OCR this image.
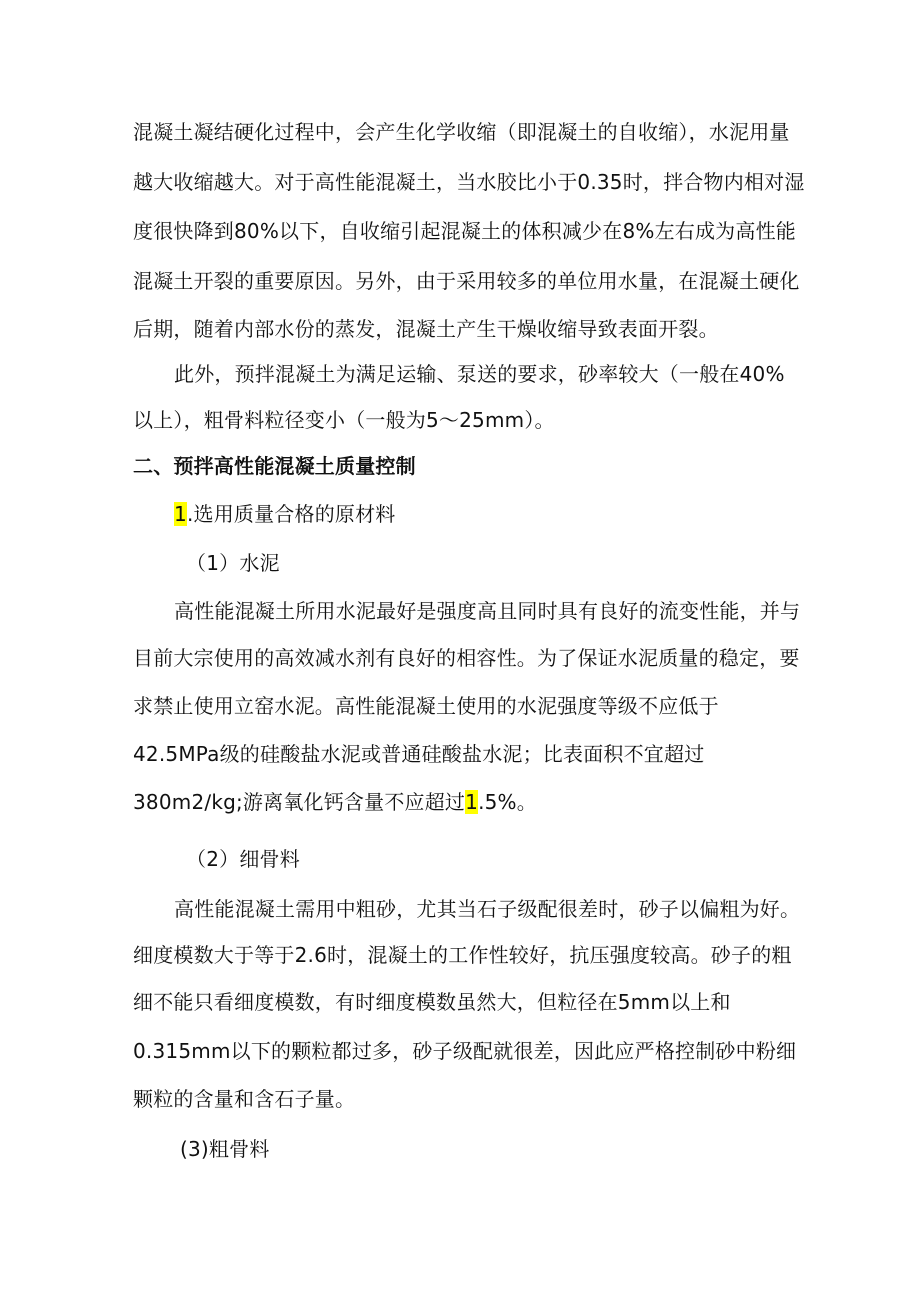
混凝土凝结硬化过程中，会产生化学收缩（即混凝土的自收缩），水泥用量
越大收缩越大。对于高性能混凝土，当水胶比小于0.35时，拌合物内相对湿
度很快降到80%以下，自收缩引起混凝土的体积减少在8%左右成为高性能
混凝土开裂的重要原因。另外，由于采用较多的单位用水量，在混凝土硬化
后期，随着内部水份的蒸发，混凝土产生干燥收缩导致表面开裂。
此外，预拌混凝土为满足运输、泵送的要求，砂率较大（一般在40%
以上），粗骨料粒径变小（一般为5〜25mm）。
二、预拌高性能混凝土质量控制
1.选用质量合格的原材料
（1）水泥
高性能混凝土所用水泥最好是强度高且同时具有良好的流变性能，并与
目前大宗使用的高效减水剂有良好的相容性。为了保证水泥质量的稳定，要
求禁止使用立窑水泥。高性能混凝土使用的水泥强度等级不应低于
42.5MPa级的硅酸盐水泥或普通硅酸盐水泥；比表面积不宜超过
380m2∕kg;游离氧化钙含量不应超过1.5%。
（2）细骨料
高性能混凝土需用中粗砂，尤其当石子级配很差时，砂子以偏粗为好。
细度模数大于等于2.6时，混凝土的工作性较好，抗压强度较高。砂子的粗
细不能只看细度模数，有时细度模数虽然大，但粒径在5mm以上和
0.315mm以下的颗粒都过多，砂子级配就很差，因此应严格控制砂中粉细
颗粒的含量和含石子量。
(3)粗骨料
